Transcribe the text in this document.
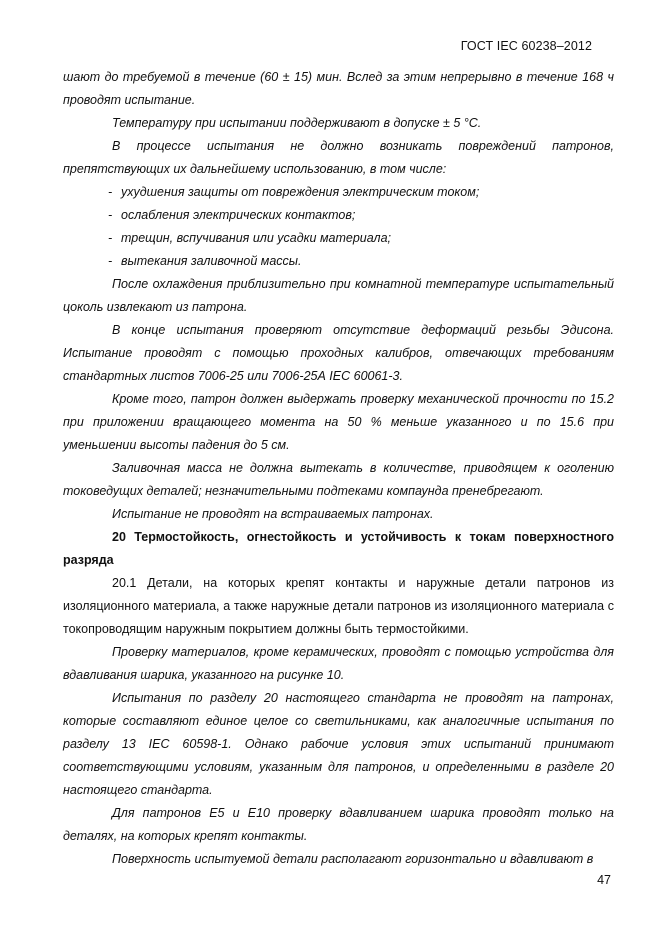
ГОСТ IEC 60238–2012

шают до требуемой в течение (60 ± 15) мин. Вслед за этим непрерывно в течение 168 ч проводят испытание.

Температуру при испытании поддерживают в допуске ± 5 °С.

В процессе испытания не должно возникать повреждений патронов, препятствующих их дальнейшему использованию, в том числе:

- ухудшения защиты от повреждения электрическим током;

- ослабления электрических контактов;

- трещин, вспучивания или усадки материала;

- вытекания заливочной массы.

После охлаждения приблизительно при комнатной температуре испытательный цоколь извлекают из патрона.

В конце испытания проверяют отсутствие деформаций резьбы Эдисона. Испытание проводят с помощью проходных калибров, отвечающих требованиям стандартных листов 7006-25 или 7006-25А IEC 60061-3.

Кроме того, патрон должен выдержать проверку механической прочности по 15.2 при приложении вращающего момента на 50 % меньше указанного и по 15.6 при уменьшении высоты падения до 5 см.

Заливочная масса не должна вытекать в количестве, приводящем к оголению токоведущих деталей; незначительными подтеками компаунда пренебрегают.

Испытание не проводят на встраиваемых патронах.

20 Термостойкость, огнестойкость и устойчивость к токам поверхностного разряда

20.1 Детали, на которых крепят контакты и наружные детали патронов из изоляционного материала, а также наружные детали патронов из изоляционного материала с токопроводящим наружным покрытием должны быть термостойкими.

Проверку материалов, кроме керамических, проводят с помощью устройства для вдавливания шарика, указанного на рисунке 10.

Испытания по разделу 20 настоящего стандарта не проводят на патронах, которые составляют единое целое со светильниками, как аналогичные испытания по разделу 13 IEC 60598-1. Однако рабочие условия этих испытаний принимают соответствующими условиям, указанным для патронов, и определенными в разделе 20 настоящего стандарта.

Для патронов Е5 и Е10 проверку вдавливанием шарика проводят только на деталях, на которых крепят контакты.

Поверхность испытуемой детали располагают горизонтально и вдавливают в

47
